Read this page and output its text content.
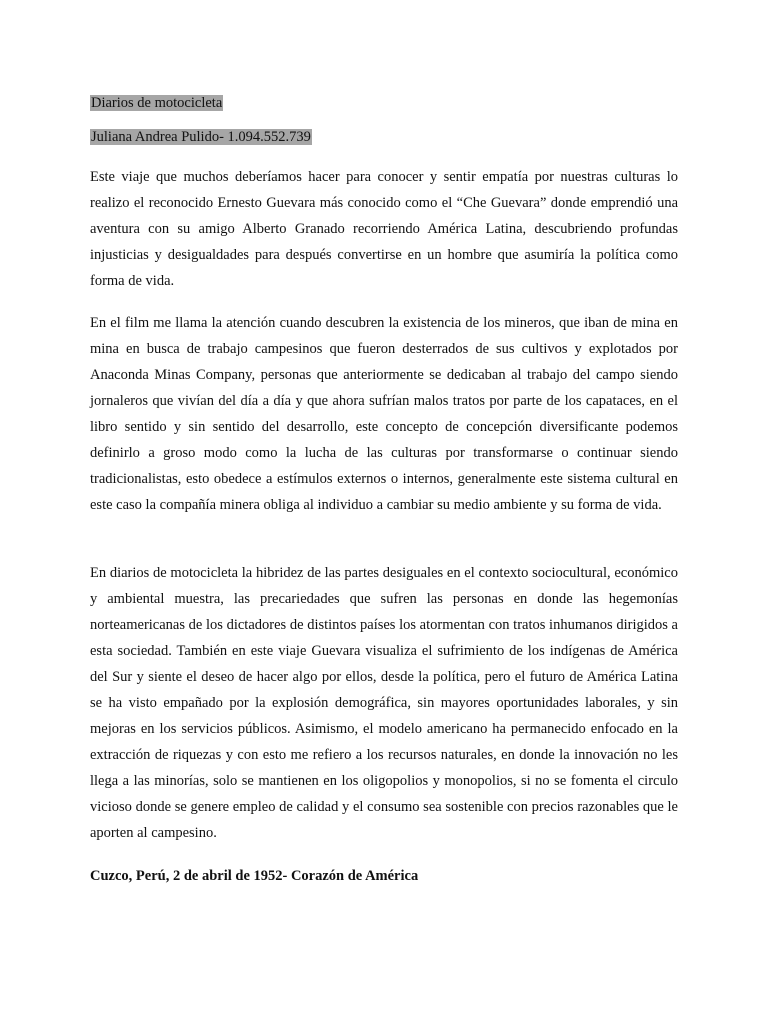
Diarios de motocicleta
Juliana Andrea Pulido- 1.094.552.739

Este viaje que muchos deberíamos hacer para conocer y sentir empatía por nuestras culturas lo realizo el reconocido Ernesto Guevara más conocido como el “Che Guevara” donde emprendió una aventura con su amigo Alberto Granado recorriendo América Latina, descubriendo profundas injusticias y desigualdades para después convertirse en un hombre que asumiría la política como forma de vida.

En el film me llama la atención cuando descubren la existencia de los mineros, que iban de mina en mina en busca de trabajo campesinos que fueron desterrados de sus cultivos y explotados por Anaconda Minas Company, personas que anteriormente se dedicaban al trabajo del campo siendo jornaleros que vivían del día a día y que ahora sufrían malos tratos por parte de los capataces, en el libro sentido y sin sentido del desarrollo, este concepto de concepción diversificante podemos definirlo a groso modo como la lucha de las culturas por transformarse o continuar siendo tradicionalistas, esto obedece a estímulos externos o internos, generalmente este sistema cultural en este caso la compañía minera obliga al individuo a cambiar su medio ambiente y su forma de vida.

En diarios de motocicleta la hibridez de las partes desiguales en el contexto sociocultural, económico y ambiental muestra, las precariedades que sufren las personas en donde las hegemonías norteamericanas de los dictadores de distintos países los atormentan con tratos inhumanos dirigidos a esta sociedad. También en este viaje Guevara visualiza el sufrimiento de los indígenas de América del Sur y siente el deseo de hacer algo por ellos, desde la política, pero el futuro de América Latina se ha visto empañado por la explosión demográfica, sin mayores oportunidades laborales, y sin mejoras en los servicios públicos. Asimismo, el modelo americano ha permanecido enfocado en la extracción de riquezas y con esto me refiero a los recursos naturales, en donde la innovación no les llega a las minorías, solo se mantienen en los oligopolios y monopolios, si no se fomenta el circulo vicioso donde se genere empleo de calidad y el consumo sea sostenible con precios razonables que le aporten al campesino.

Cuzco, Perú, 2 de abril de 1952- Corazón de América
